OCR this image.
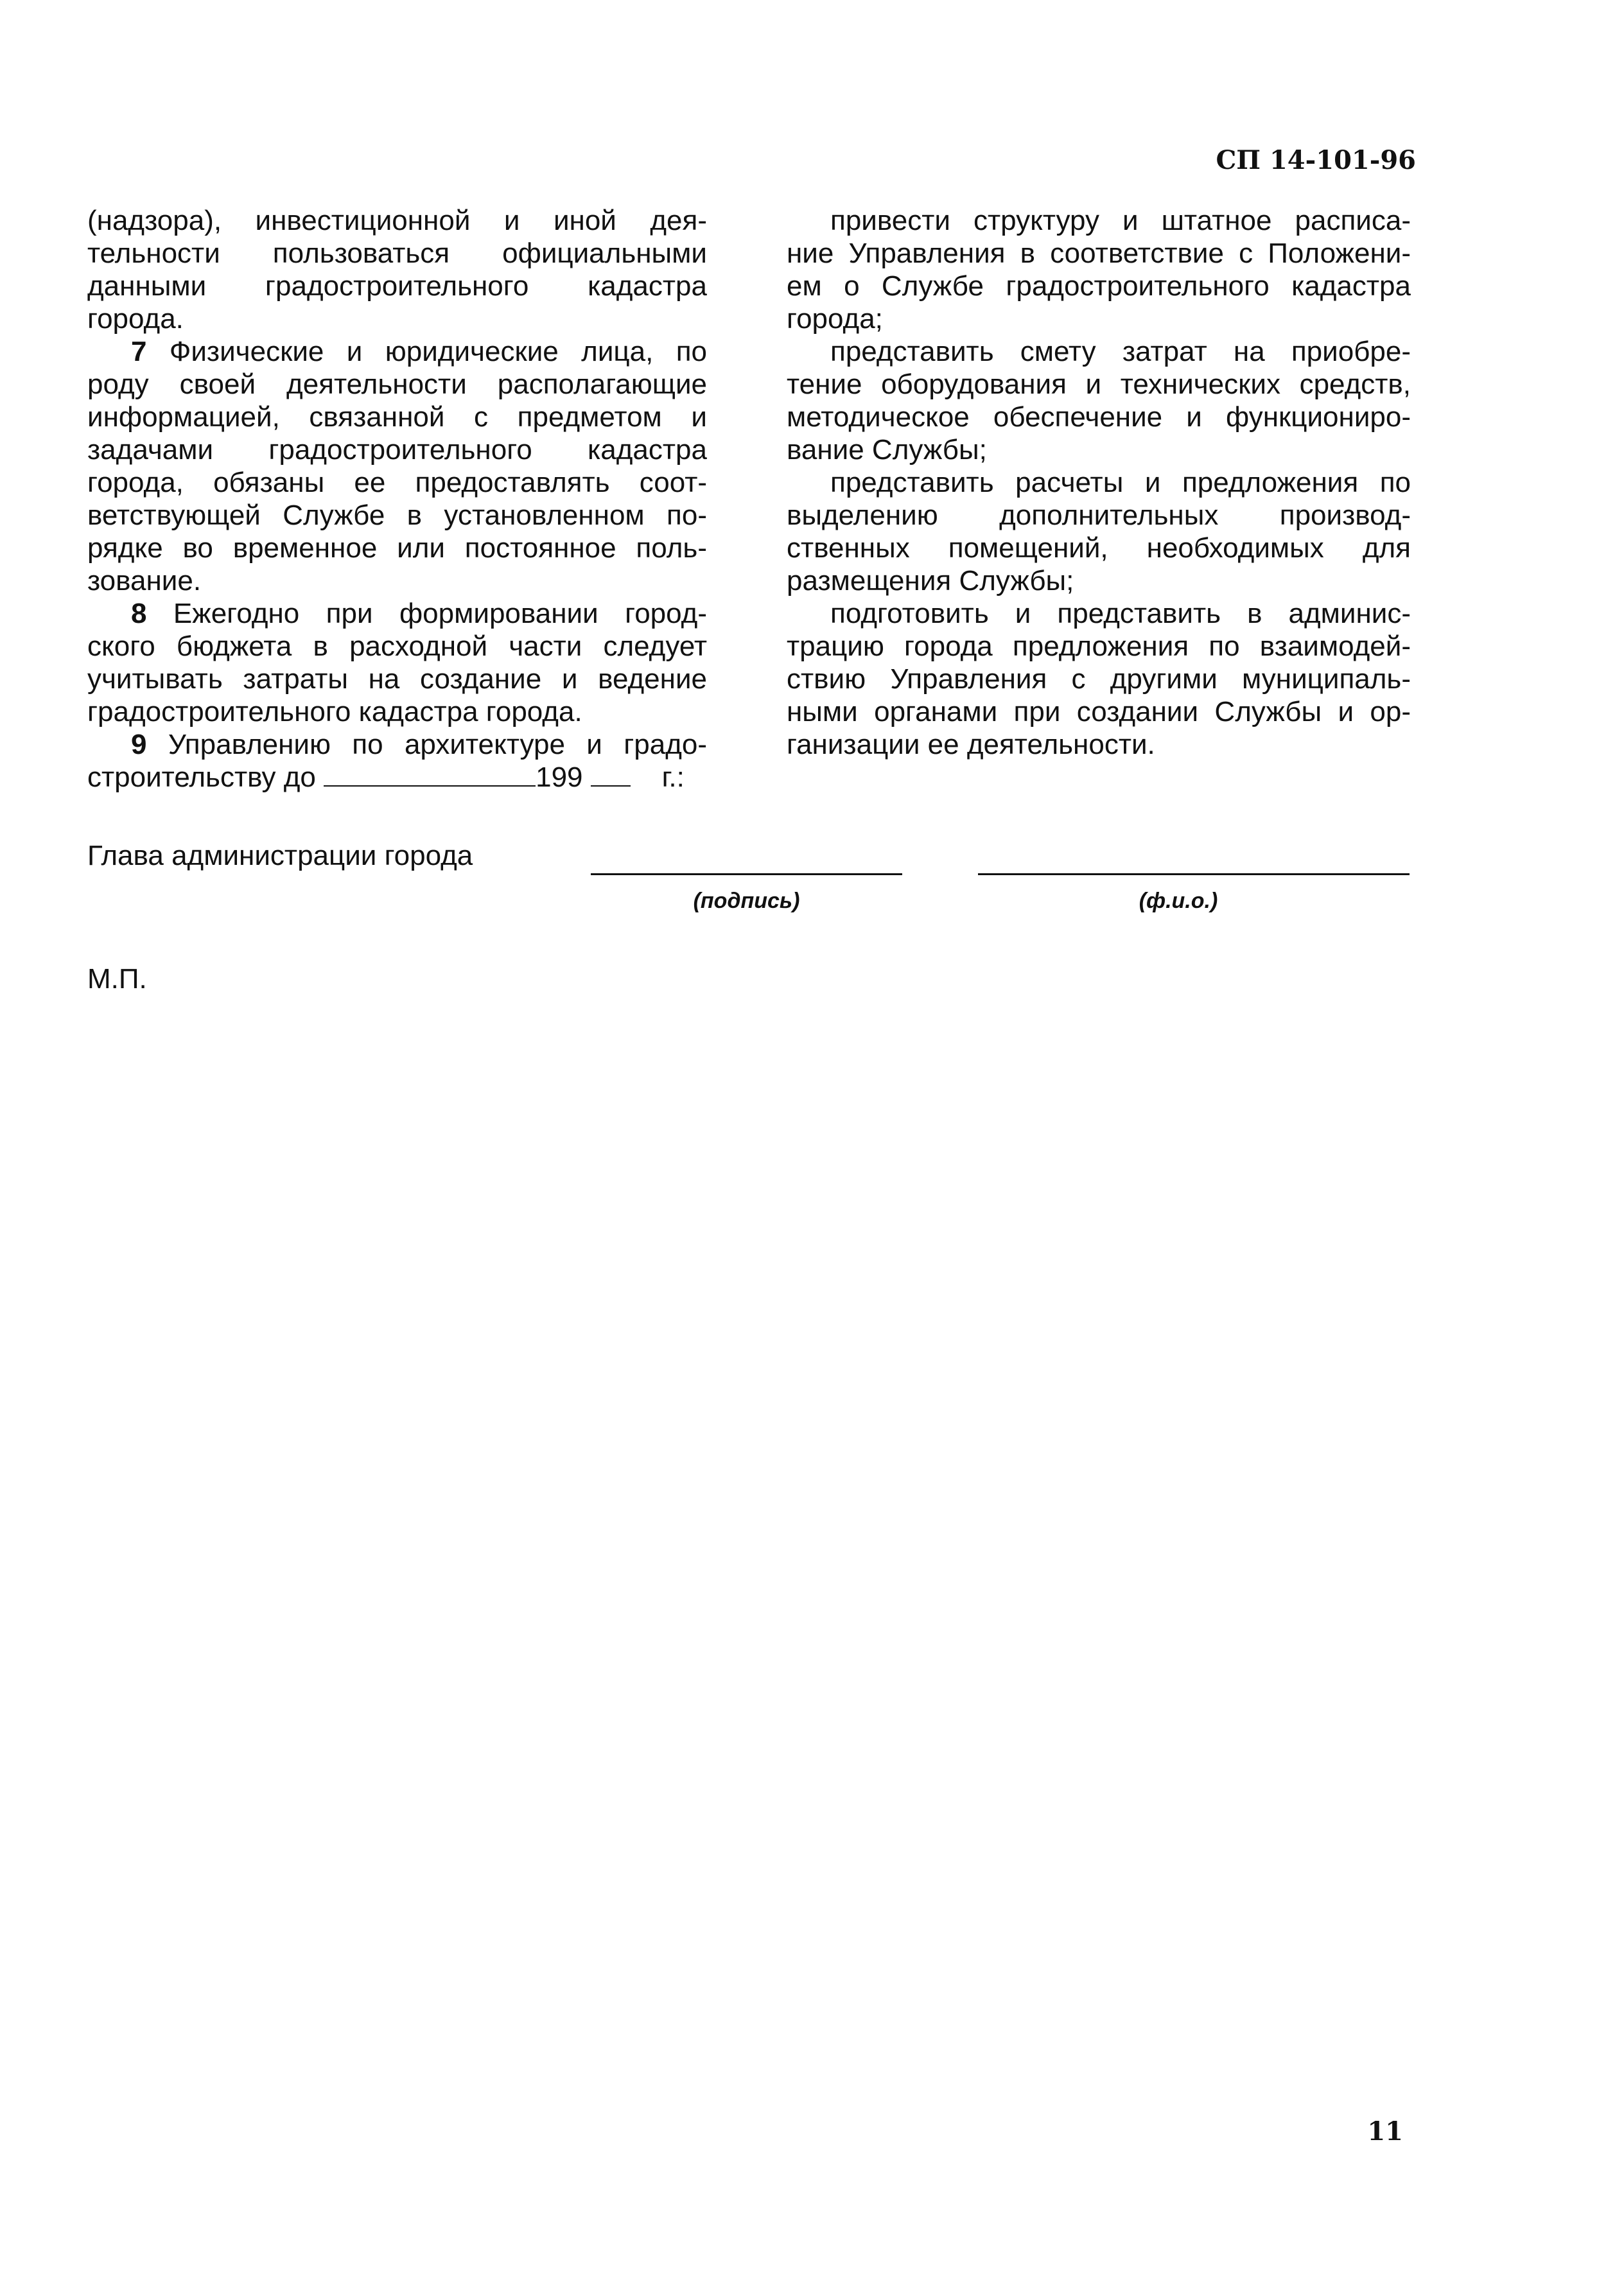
СП 14-101-96
(надзора), инвестиционной и иной дея-
тельности пользоваться официальными
данными градостроительного кадастра
города.
7 Физические и юридические лица, по
роду своей деятельности располагающие
информацией, связанной с предметом и
задачами градостроительного кадастра
города, обязаны ее предоставлять соот-
ветствующей Службе в установленном по-
рядке во временное или постоянное поль-
зование.
8 Ежегодно при формировании город-
ского бюджета в расходной части следует
учитывать затраты на создание и ведение
градостроительного кадастра города.
9 Управлению по архитектуре и градо-
строительству до	199	г.:
привести структуру и штатное расписа-
ние Управления в соответствие с Положени-
ем о Службе градостроительного кадастра
города;
представить смету затрат на приобре-
тение оборудования и технических средств,
методическое обеспечение и функциониро-
вание Службы;
представить расчеты и предложения по
выделению дополнительных производ-
ственных помещений, необходимых для
размещения Службы;
подготовить и представить в админис-
трацию города предложения по взаимодей-
ствию Управления с другими муниципаль-
ными органами при создании Службы и ор-
ганизации ее деятельности.
Глава администрации города
(подпись)	(ф.и.о.)
М.П.
11
